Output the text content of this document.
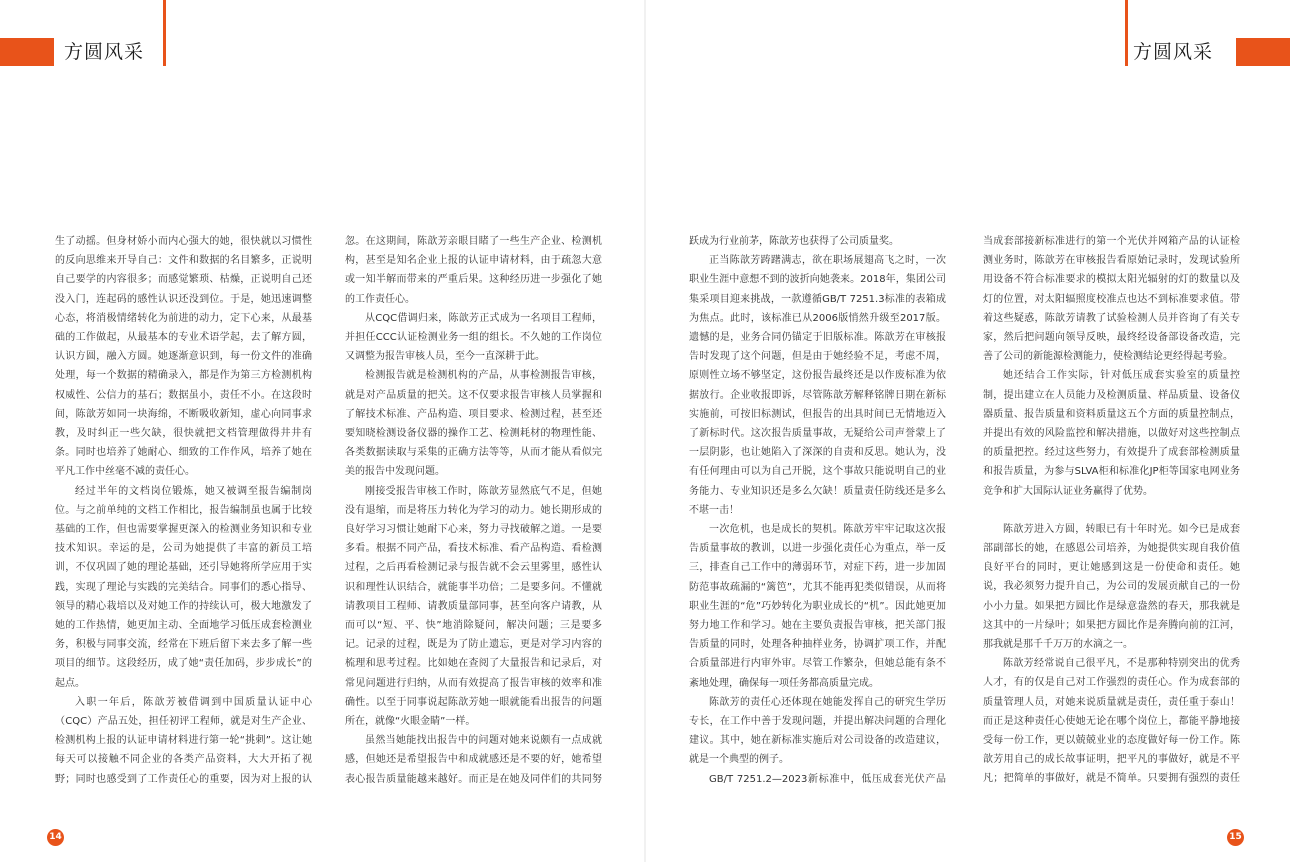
方圆风采	方圆风采

生了动摇。但身材娇小而内心强大的她，很快就以习惯性的反向思维来开导自己：文件和数据的名目繁多，正说明自己要学的内容很多；而感觉繁琐、枯燥，正说明自己还没入门，连起码的感性认识还没到位。于是，她迅速调整心态，将消极情绪转化为前进的动力，定下心来，从最基础的工作做起，从最基本的专业术语学起，去了解方圆，认识方圆，融入方圆。她逐渐意识到，每一份文件的准确处理，每一个数据的精确录入，都是作为第三方检测机构权威性、公信力的基石；数据虽小，责任不小。在这段时间，陈歆芳如同一块海绵，不断吸收新知，虚心向同事求教，及时纠正一些欠缺，很快就把文档管理做得井井有条。同时也培养了她耐心、细致的工作作风，培养了她在平凡工作中丝毫不减的责任心。

经过半年的文档岗位锻炼，她又被调至报告编制岗位。与之前单纯的文档工作相比，报告编制虽也属于比较基础的工作，但也需要掌握更深入的检测业务知识和专业技术知识。幸运的是，公司为她提供了丰富的新员工培训，不仅巩固了她的理论基础，还引导她将所学应用于实践，实现了理论与实践的完美结合。同事们的悉心指导、领导的精心栽培以及对她工作的持续认可，极大地激发了她的工作热情，她更加主动、全面地学习低压成套检测业务，积极与同事交流，经常在下班后留下来去多了解一些项目的细节。这段经历，成了她“责任加码，步步成长”的起点。

入职一年后，陈歆芳被借调到中国质量认证中心（CQC）产品五处，担任初评工程师，就是对生产企业、检测机构上报的认证申请材料进行第一轮“挑刺”。这让她每天可以接触不同企业的各类产品资料，大大开拓了视野；同时也感受到了工作责任心的重要，因为对上报的认

忽。在这期间，陈歆芳亲眼目睹了一些生产企业、检测机构，甚至是知名企业上报的认证申请材料，由于疏忽大意或一知半解而带来的严重后果。这种经历进一步强化了她的工作责任心。

从CQC借调归来，陈歆芳正式成为一名项目工程师，并担任CCC认证检测业务一组的组长。不久她的工作岗位又调整为报告审核人员，至今一直深耕于此。

检测报告就是检测机构的产品，从事检测报告审核，就是对产品质量的把关。这不仅要求报告审核人员掌握和了解技术标准、产品构造、项目要求、检测过程，甚至还要知晓检测设备仪器的操作工艺、检测耗材的物理性能、各类数据读取与采集的正确方法等等，从而才能从看似完美的报告中发现问题。

刚接受报告审核工作时，陈歆芳显然底气不足，但她没有退缩，而是将压力转化为学习的动力。她长期形成的良好学习习惯让她耐下心来，努力寻找破解之道。一是要多看。根据不同产品，看技术标准、看产品构造、看检测过程，之后再看检测记录与报告就不会云里雾里，感性认识和理性认识结合，就能事半功倍；二是要多问。不懂就请教项目工程师、请教质量部同事，甚至向客户请教，从而可以“短、平、快”地消除疑问，解决问题；三是要多记。记录的过程，既是为了防止遗忘，更是对学习内容的梳理和思考过程。比如她在查阅了大量报告和记录后，对常见问题进行归纳，从而有效提高了报告审核的效率和准确性。以至于同事说起陈歆芳她一眼就能看出报告的问题所在，就像“火眼金睛”一样。

虽然当她能找出报告中的问题对她来说颇有一点成就感，但她还是希望报告中和成就感还是不要的好，她希望表心报告质量能越来越好。而正是在她及同伴们的共同努

跃成为行业前茅，陈歆芳也获得了公司质量奖。

正当陈歆芳踌躇满志，欲在职场展翅高飞之时，一次职业生涯中意想不到的波折向她袭来。2018年，集团公司集采项目迎来挑战，一款遵循GB/T 7251.3标准的表箱成为焦点。此时，该标准已从2006版悄然升级至2017版。遗憾的是，业务合同仍锚定于旧版标准。陈歆芳在审核报告时发现了这个问题，但是由于她经验不足，考虑不周，原则性立场不够坚定，这份报告最终还是以作废标准为依据放行。企业收报即诉，尽管陈歆芳解释铭牌日期在新标实施前，可按旧标测试，但报告的出具时间已无情地迈入了新标时代。这次报告质量事故，无疑给公司声誉蒙上了一层阴影，也让她陷入了深深的自责和反思。她认为，没有任何理由可以为自己开脱，这个事故只能说明自己的业务能力、专业知识还是多么欠缺！质量责任防线还是多么不堪一击！

一次危机，也是成长的契机。陈歆芳牢牢记取这次报告质量事故的教训，以进一步强化责任心为重点，举一反三，排查自己工作中的薄弱环节，对症下药，进一步加固防范事故疏漏的“篱笆”，尤其不能再犯类似错误，从而将职业生涯的“危”巧妙转化为职业成长的“机”。因此她更加努力地工作和学习。她在主要负责报告审核，把关部门报告质量的同时，处理各种抽样业务，协调扩项工作，并配合质量部进行内审外审。尽管工作繁杂，但她总能有条不紊地处理，确保每一项任务都高质量完成。

陈歆芳的责任心还体现在她能发挥自己的研究生学历专长，在工作中善于发现问题，并提出解决问题的合理化建议。其中，她在新标准实施后对公司设备的改造建议，就是一个典型的例子。

GB/T 7251.2—2023新标准中，低压成套光伏产品

当成套部接新标准进行的第一个光伏并网箱产品的认证检测业务时，陈歆芳在审核报告看原始记录时，发现试验所用设备不符合标准要求的模拟太阳光辐射的灯的数量以及灯的位置，对太阳辐照度校准点也达不到标准要求值。带着这些疑惑，陈歆芳请教了试验检测人员并咨询了有关专家，然后把问题向领导反映，最终经设备部设备改造，完善了公司的新能源检测能力，使检测结论更经得起考验。

她还结合工作实际，针对低压成套实验室的质量控制，提出建立在人员能力及检测质量、样品质量、设备仪器质量、报告质量和资料质量这五个方面的质量控制点，并提出有效的风险监控和解决措施，以做好对这些控制点的质量把控。经过这些努力，有效提升了成套部检测质量和报告质量，为参与SLVA柜和标准化JP柜等国家电网业务竞争和扩大国际认证业务赢得了优势。

陈歆芳进入方圆，转眼已有十年时光。如今已是成套部副部长的她，在感恩公司培养，为她提供实现自我价值良好平台的同时，更让她感到这是一份使命和责任。她说，我必须努力提升自己，为公司的发展贡献自己的一份小小力量。如果把方圆比作是绿意盎然的春天，那我就是这其中的一片绿叶；如果把方圆比作是奔腾向前的江河，那我就是那千千万万的水滴之一。

陈歆芳经常说自己很平凡，不是那种特别突出的优秀人才，有的仅是自己对工作强烈的责任心。作为成套部的质量管理人员，对她来说质量就是责任，责任重于泰山！而正是这种责任心使她无论在哪个岗位上，都能平静地接受每一份工作，更以兢兢业业的态度做好每一份工作。陈歆芳用自己的成长故事证明，把平凡的事做好，就是不平凡；把简单的事做好，就是不简单。只要拥有强烈的责任

14	15
